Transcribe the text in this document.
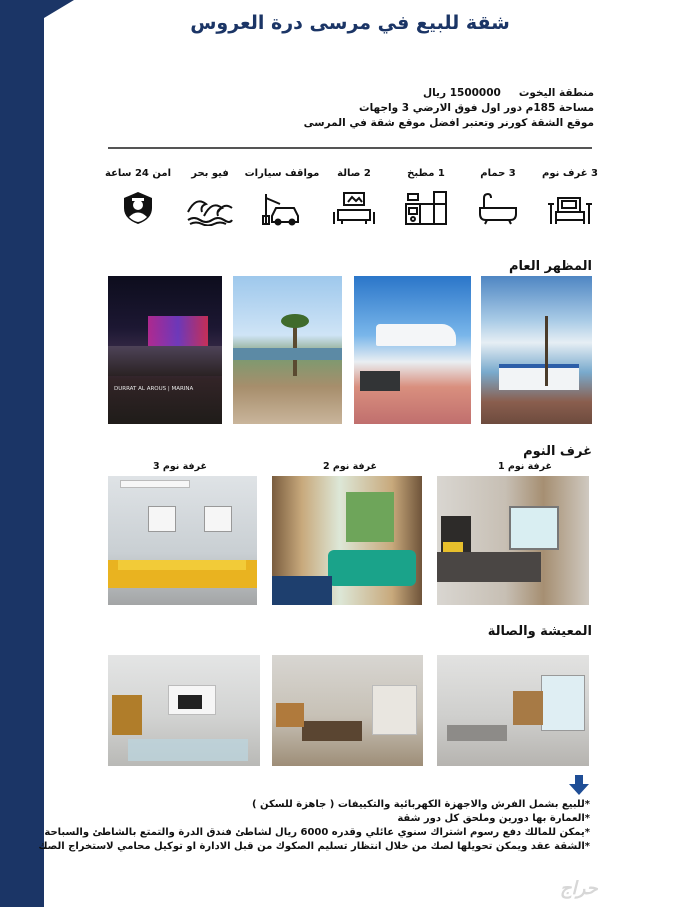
شقة للبيع في مرسى درة العروس
منطقة اليخوت1500000 ريال
مساحة 185م دور اول فوق الارضي 3 واجهات
موقع الشقة كورنر وتعتبر افضل موقع شقة في المرسى
3 غرف نوم
3 حمام
1 مطبخ
2 صالة
مواقف سيارات
فيو بحر
امن 24 ساعة
المظهر العام
DURRAT AL AROUS | MARINA
غرف النوم
غرفة نوم 1
غرفة نوم 2
غرفة نوم 3
المعيشة والصالة
*للبيع بشمل الفرش والاجهزة الكهربائية والتكييفات ( جاهزة للسكن )
*العمارة بها دورين وملحق كل دور شقة
*يمكن للمالك دفع رسوم اشتراك سنوي عائلي وقدره 6000 ريال لشاطئ فندق الدرة والتمتع بالشاطئ والسباحة
*الشقة عقد ويمكن تحويلها لصك من خلال انتظار تسليم الصكوك من قبل الادارة او توكيل محامي لاستخراج الصك
حراج
